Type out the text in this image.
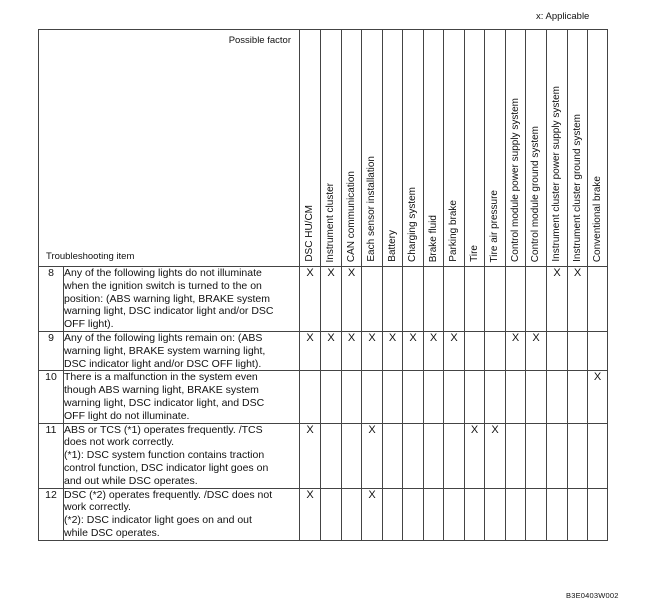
x: Applicable
Possible factor
Troubleshooting item		DSC HU/CM	Instrument cluster	CAN communication	Each sensor installation	Battery	Charging system	Brake fluid	Parking brake	Tire	Tire air pressure	Control module power supply system	Control module ground system	Instrument cluster power supply system	Instrument cluster ground system	Conventional brake

8	Any of the following lights do not illuminate
when the ignition switch is turned to the on
position: (ABS warning light, BRAKE system
warning light, DSC indicator light and/or DSC
OFF light).	X	X	X										X	X	
9	Any of the following lights remain on: (ABS
warning light, BRAKE system warning light,
DSC indicator light and/or DSC OFF light).	X	X	X	X	X	X	X	X			X	X			
10	There is a malfunction in the system even
though ABS warning light, BRAKE system
warning light, DSC indicator light, and DSC
OFF light do not illuminate.															X
11	ABS or TCS (*1) operates frequently. /TCS
does not work correctly.
(*1): DSC system function contains traction
control function, DSC indicator light goes on
and out while DSC operates.	X			X					X	X					
12	DSC (*2) operates frequently. /DSC does not
work correctly.
(*2): DSC indicator light goes on and out
while DSC operates.	X			X											
B3E0403W002
